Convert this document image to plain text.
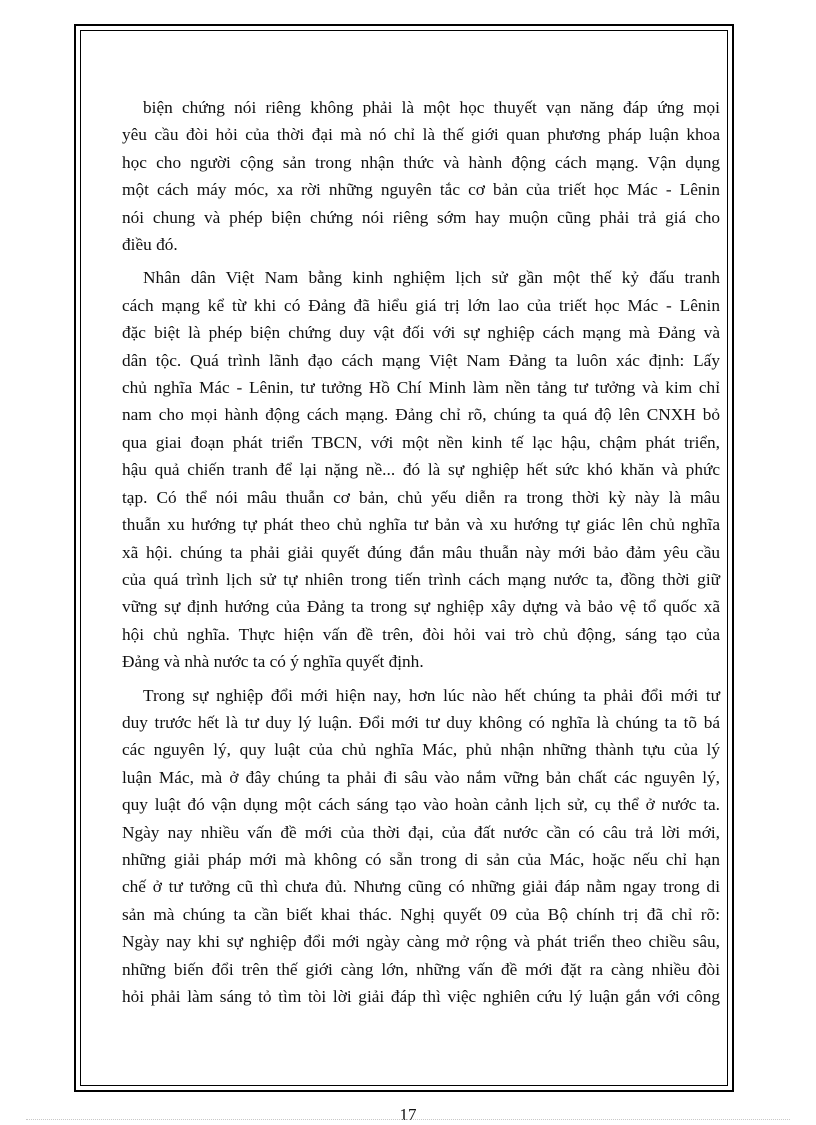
biện chứng nói riêng không phải là một học thuyết vạn năng đáp ứng mọi
yêu cầu đòi hỏi của thời đại mà nó chỉ là thế giới quan phương pháp luận khoa
học cho người cộng sản trong nhận thức và hành động cách mạng. Vận dụng
một cách máy móc, xa rời những nguyên tắc cơ bản của triết học Mác - Lênin
nói chung và phép biện chứng nói riêng sớm hay muộn cũng phải trả giá cho
điều đó.

Nhân dân Việt Nam bằng kinh nghiệm lịch sử gần một thế kỷ đấu tranh
cách mạng kể từ khi có Đảng đã hiểu giá trị lớn lao của triết học Mác - Lênin
đặc biệt là phép biện chứng duy vật đối với sự nghiệp cách mạng mà Đảng và
dân tộc. Quá trình lãnh đạo cách mạng Việt Nam Đảng ta luôn xác định: Lấy
chủ nghĩa Mác - Lênin, tư tưởng Hồ Chí Minh làm nền tảng tư tưởng và kim chỉ
nam cho mọi hành động cách mạng. Đảng chỉ rõ, chúng ta quá độ lên CNXH bỏ
qua giai đoạn phát triển TBCN, với một nền kinh tế lạc hậu, chậm phát triển,
hậu quả chiến tranh để lại nặng nề... đó là sự nghiệp hết sức khó khăn và phức
tạp. Có thể nói mâu thuẫn cơ bản, chủ yếu diễn ra trong thời kỳ này là mâu
thuẫn xu hướng tự phát theo chủ nghĩa tư bản và xu hướng tự giác lên chủ nghĩa
xã hội. chúng ta phải giải quyết đúng đắn mâu thuẫn này mới bảo đảm yêu cầu
của quá trình lịch sử tự nhiên trong tiến trình cách mạng nước ta, đồng thời giữ
vững sự định hướng của Đảng ta trong sự nghiệp xây dựng và bảo vệ tổ quốc xã
hội chủ nghĩa. Thực hiện vấn đề trên, đòi hỏi vai trò chủ động, sáng tạo của
Đảng và nhà nước ta có ý nghĩa quyết định.

Trong sự nghiệp đổi mới hiện nay, hơn lúc nào hết chúng ta phải đổi mới tư
duy trước hết là tư duy lý luận. Đổi mới tư duy không có nghĩa là chúng ta tõ bá
các nguyên lý, quy luật của chủ nghĩa Mác, phủ nhận những thành tựu của lý
luận Mác, mà ở đây chúng ta phải đi sâu vào nắm vững bản chất các nguyên lý,
quy luật đó vận dụng một cách sáng tạo vào hoàn cảnh lịch sử, cụ thể ở nước ta.
Ngày nay nhiều vấn đề mới của thời đại, của đất nước cần có câu trả lời mới,
những giải pháp mới mà không có sẵn trong di sản của Mác, hoặc nếu chỉ hạn
chế ở tư tưởng cũ thì chưa đủ. Nhưng cũng có những giải đáp nằm ngay trong di
sản mà chúng ta cần biết khai thác. Nghị quyết 09 của Bộ chính trị đã chỉ rõ:
Ngày nay khi sự nghiệp đổi mới ngày càng mở rộng và phát triển theo chiều sâu,
những biến đổi trên thế giới càng lớn, những vấn đề mới đặt ra càng nhiều đòi
hỏi phải làm sáng tỏ tìm tòi lời giải đáp thì việc nghiên cứu lý luận gắn với công

17
